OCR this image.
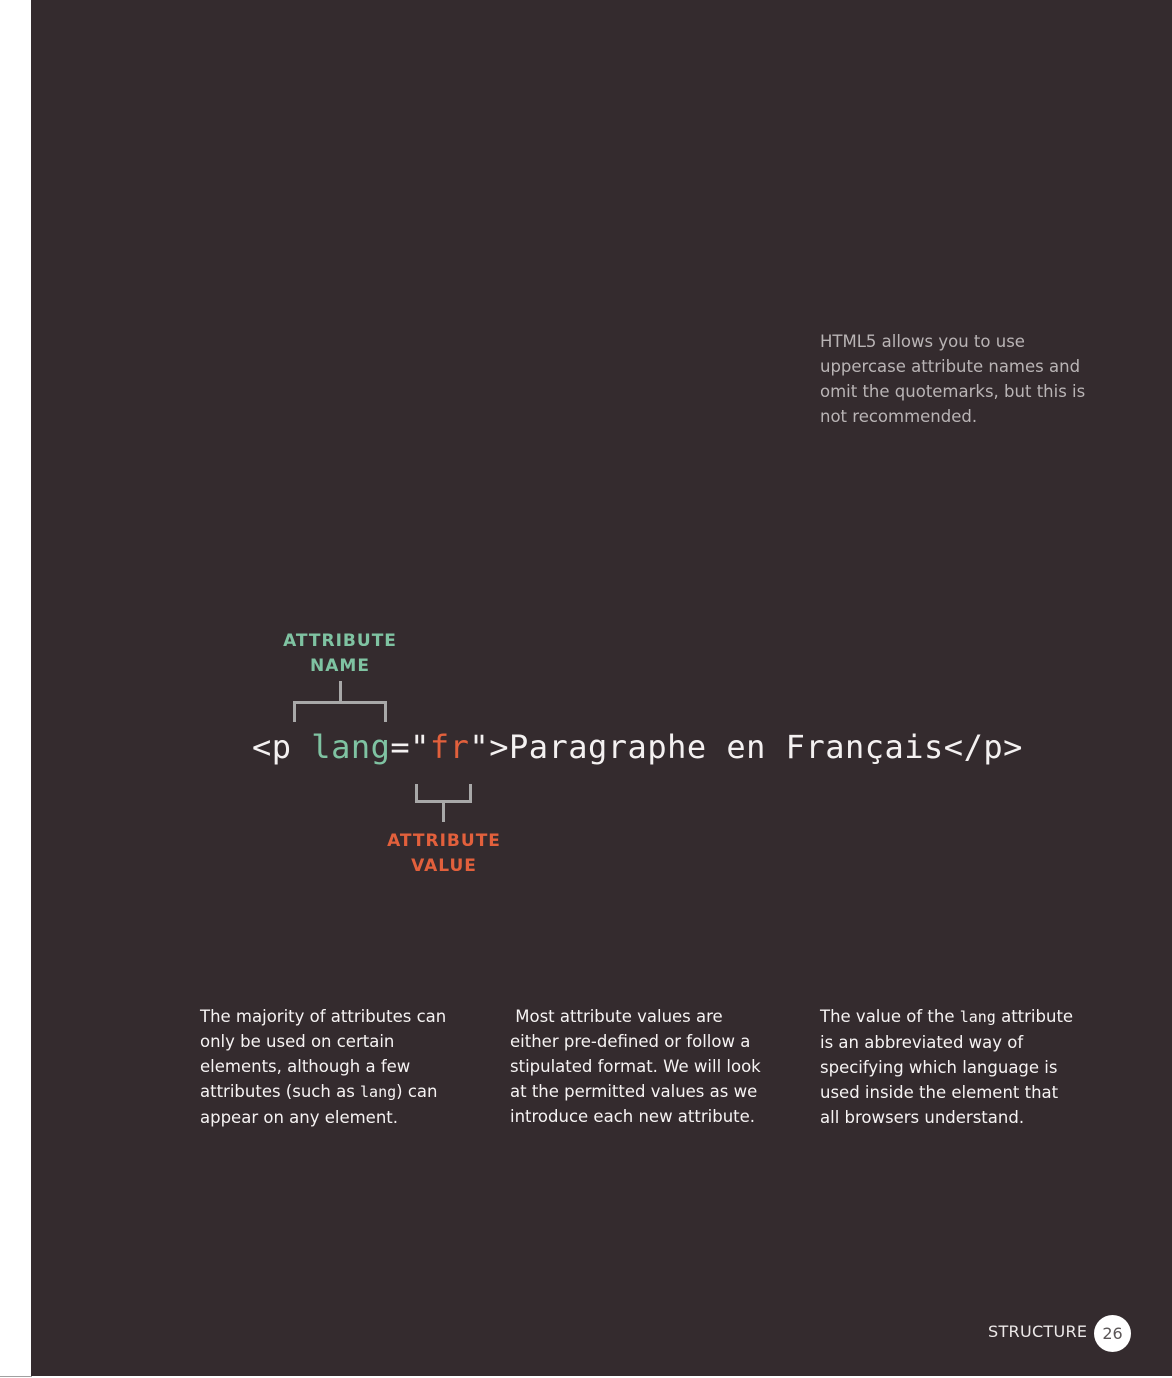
HTML5 allows you to use uppercase attribute names and omit the quotemarks, but this is not recommended.
ATTRIBUTE
NAME
<p lang="fr">Paragraphe en Français</p>
ATTRIBUTE
VALUE
The majority of attributes can only be used on certain elements, although a few attributes (such as lang) can appear on any element.
Most attribute values are either pre-defined or follow a stipulated format. We will look at the permitted values as we introduce each new attribute.
The value of the lang attribute is an abbreviated way of specifying which language is used inside the element that all browsers understand.
STRUCTURE 26
